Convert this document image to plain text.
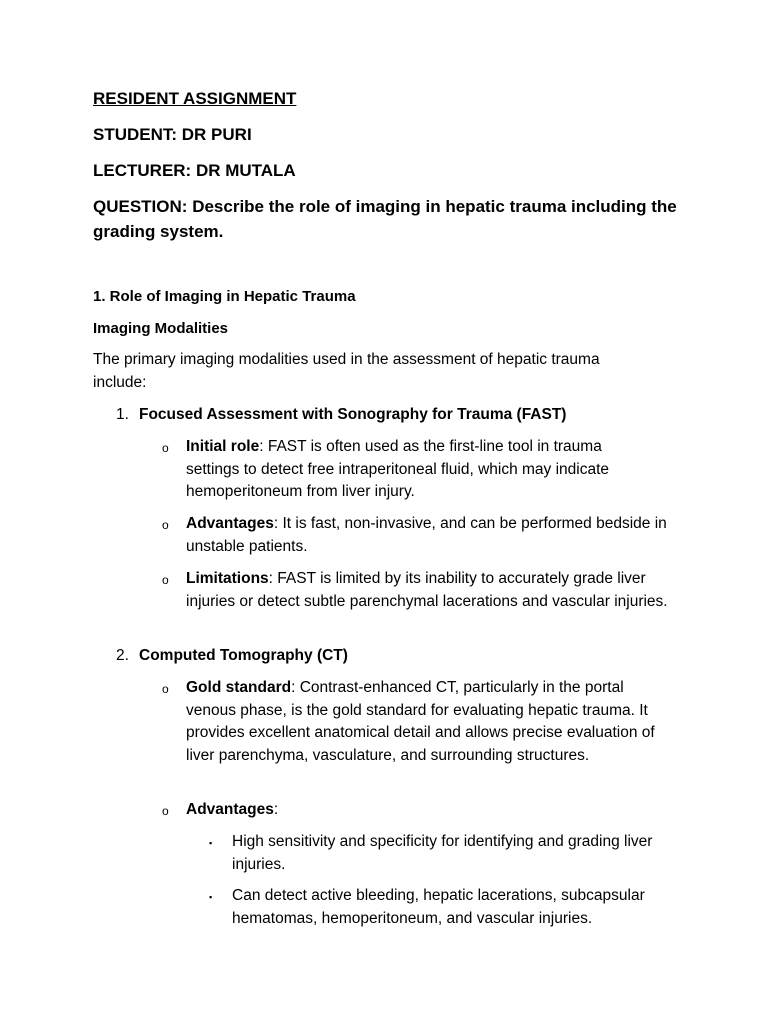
RESIDENT ASSIGNMENT
STUDENT: DR PURI
LECTURER: DR MUTALA
QUESTION: Describe the role of imaging in hepatic trauma including the grading system.
1. Role of Imaging in Hepatic Trauma
Imaging Modalities
The primary imaging modalities used in the assessment of hepatic trauma include:
1. Focused Assessment with Sonography for Trauma (FAST)
o Initial role: FAST is often used as the first-line tool in trauma settings to detect free intraperitoneal fluid, which may indicate hemoperitoneum from liver injury.
o Advantages: It is fast, non-invasive, and can be performed bedside in unstable patients.
o Limitations: FAST is limited by its inability to accurately grade liver injuries or detect subtle parenchymal lacerations and vascular injuries.
2. Computed Tomography (CT)
o Gold standard: Contrast-enhanced CT, particularly in the portal venous phase, is the gold standard for evaluating hepatic trauma. It provides excellent anatomical detail and allows precise evaluation of liver parenchyma, vasculature, and surrounding structures.
o Advantages:
▪ High sensitivity and specificity for identifying and grading liver injuries.
▪ Can detect active bleeding, hepatic lacerations, subcapsular hematomas, hemoperitoneum, and vascular injuries.
